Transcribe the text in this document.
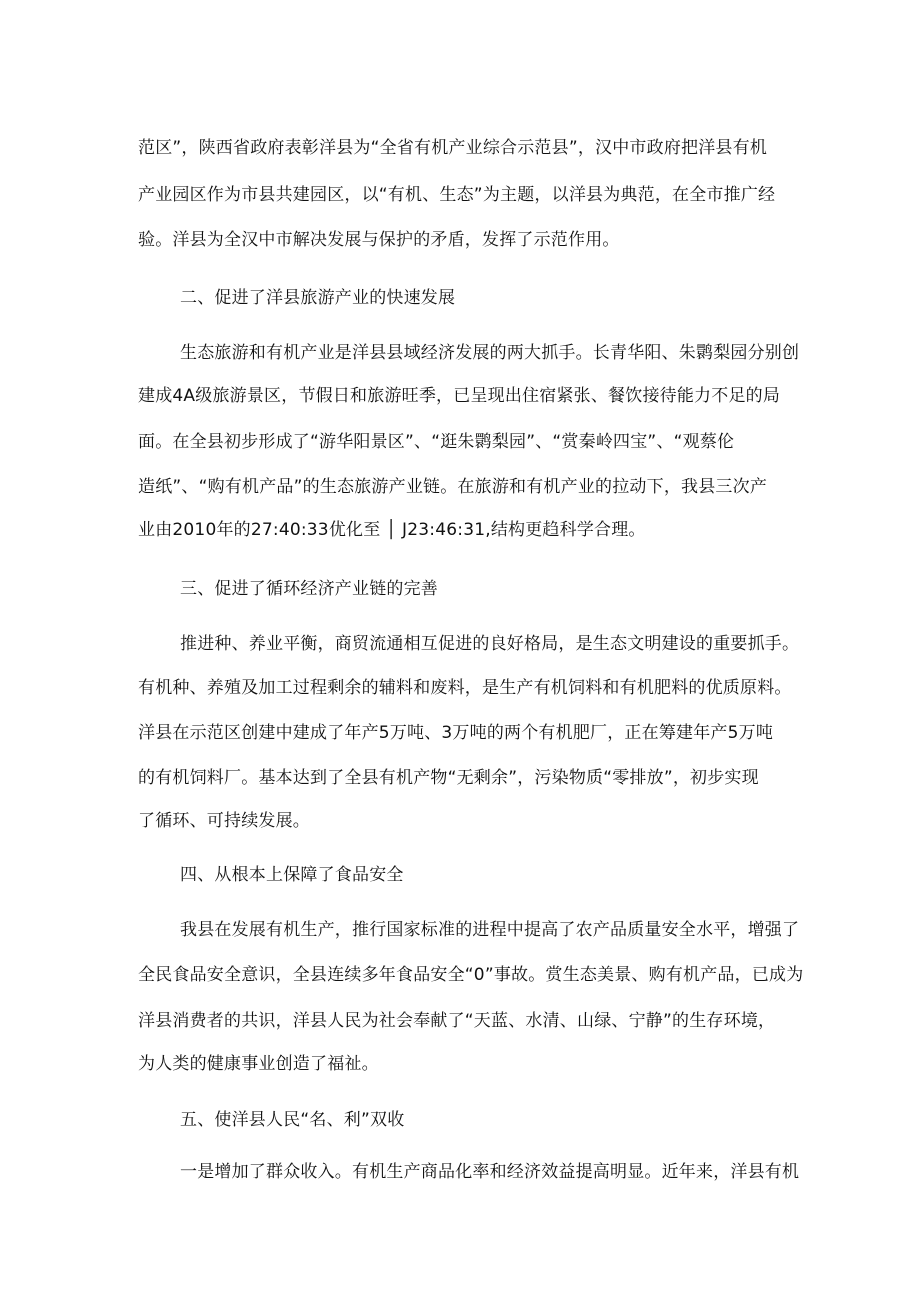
范区”，陕西省政府表彰洋县为“全省有机产业综合示范县”，汉中市政府把洋县有机
产业园区作为市县共建园区，以“有机、生态”为主题，以洋县为典范，在全市推广经
验。洋县为全汉中市解决发展与保护的矛盾，发挥了示范作用。
二、促进了洋县旅游产业的快速发展
生态旅游和有机产业是洋县县域经济发展的两大抓手。长青华阳、朱鹮梨园分别创
建成4A级旅游景区，节假日和旅游旺季，已呈现出住宿紧张、餐饮接待能力不足的局
面。在全县初步形成了“游华阳景区”、“逛朱鹮梨园”、“赏秦岭四宝”、“观蔡伦
造纸”、“购有机产品”的生态旅游产业链。在旅游和有机产业的拉动下，我县三次产
业由2010年的27:40:33优化至 │ J23:46:31,结构更趋科学合理。
三、促进了循环经济产业链的完善
推进种、养业平衡，商贸流通相互促进的良好格局，是生态文明建设的重要抓手。
有机种、养殖及加工过程剩余的辅料和废料，是生产有机饲料和有机肥料的优质原料。
洋县在示范区创建中建成了年产5万吨、3万吨的两个有机肥厂，正在筹建年产5万吨
的有机饲料厂。基本达到了全县有机产物“无剩余”，污染物质“零排放”，初步实现
了循环、可持续发展。
四、从根本上保障了食品安全
我县在发展有机生产，推行国家标准的进程中提高了农产品质量安全水平，增强了
全民食品安全意识，全县连续多年食品安全“0”事故。赏生态美景、购有机产品，已成为
洋县消费者的共识，洋县人民为社会奉献了“天蓝、水清、山绿、宁静”的生存环境，
为人类的健康事业创造了福祉。
五、使洋县人民“名、利”双收
一是增加了群众收入。有机生产商品化率和经济效益提高明显。近年来，洋县有机
